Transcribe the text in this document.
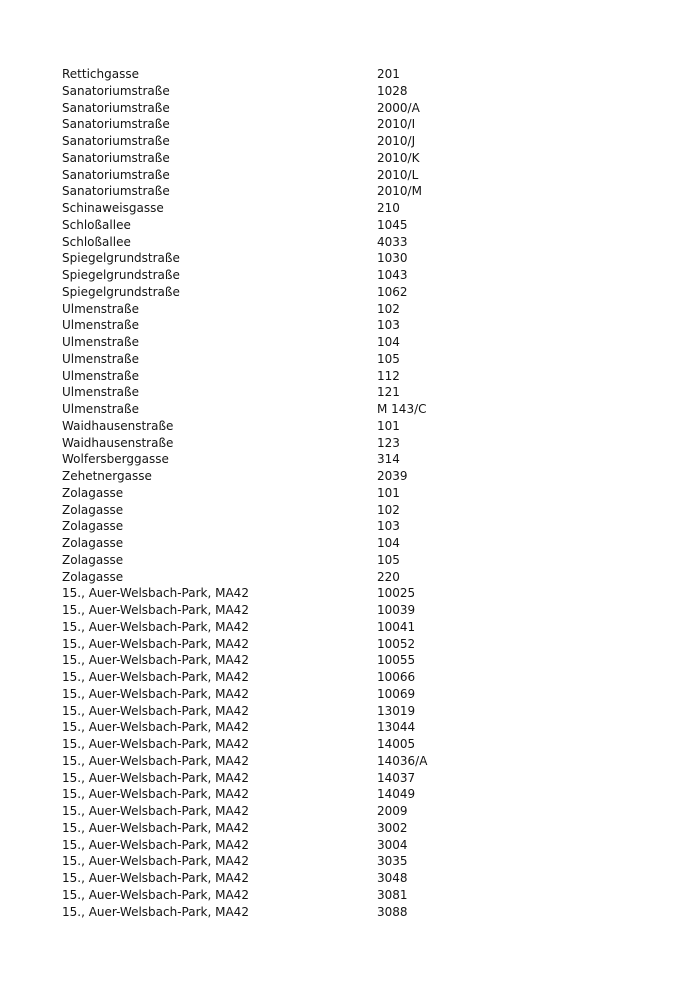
Rettichgasse	201
Sanatoriumstraße	1028
Sanatoriumstraße	2000/A
Sanatoriumstraße	2010/I
Sanatoriumstraße	2010/J
Sanatoriumstraße	2010/K
Sanatoriumstraße	2010/L
Sanatoriumstraße	2010/M
Schinaweisgasse	210
Schloßallee	1045
Schloßallee	4033
Spiegelgrundstraße	1030
Spiegelgrundstraße	1043
Spiegelgrundstraße	1062
Ulmenstraße	102
Ulmenstraße	103
Ulmenstraße	104
Ulmenstraße	105
Ulmenstraße	112
Ulmenstraße	121
Ulmenstraße	M 143/C
Waidhausenstraße	101
Waidhausenstraße	123
Wolfersberggasse	314
Zehetnergasse	2039
Zolagasse	101
Zolagasse	102
Zolagasse	103
Zolagasse	104
Zolagasse	105
Zolagasse	220
15., Auer-Welsbach-Park, MA42	10025
15., Auer-Welsbach-Park, MA42	10039
15., Auer-Welsbach-Park, MA42	10041
15., Auer-Welsbach-Park, MA42	10052
15., Auer-Welsbach-Park, MA42	10055
15., Auer-Welsbach-Park, MA42	10066
15., Auer-Welsbach-Park, MA42	10069
15., Auer-Welsbach-Park, MA42	13019
15., Auer-Welsbach-Park, MA42	13044
15., Auer-Welsbach-Park, MA42	14005
15., Auer-Welsbach-Park, MA42	14036/A
15., Auer-Welsbach-Park, MA42	14037
15., Auer-Welsbach-Park, MA42	14049
15., Auer-Welsbach-Park, MA42	2009
15., Auer-Welsbach-Park, MA42	3002
15., Auer-Welsbach-Park, MA42	3004
15., Auer-Welsbach-Park, MA42	3035
15., Auer-Welsbach-Park, MA42	3048
15., Auer-Welsbach-Park, MA42	3081
15., Auer-Welsbach-Park, MA42	3088
